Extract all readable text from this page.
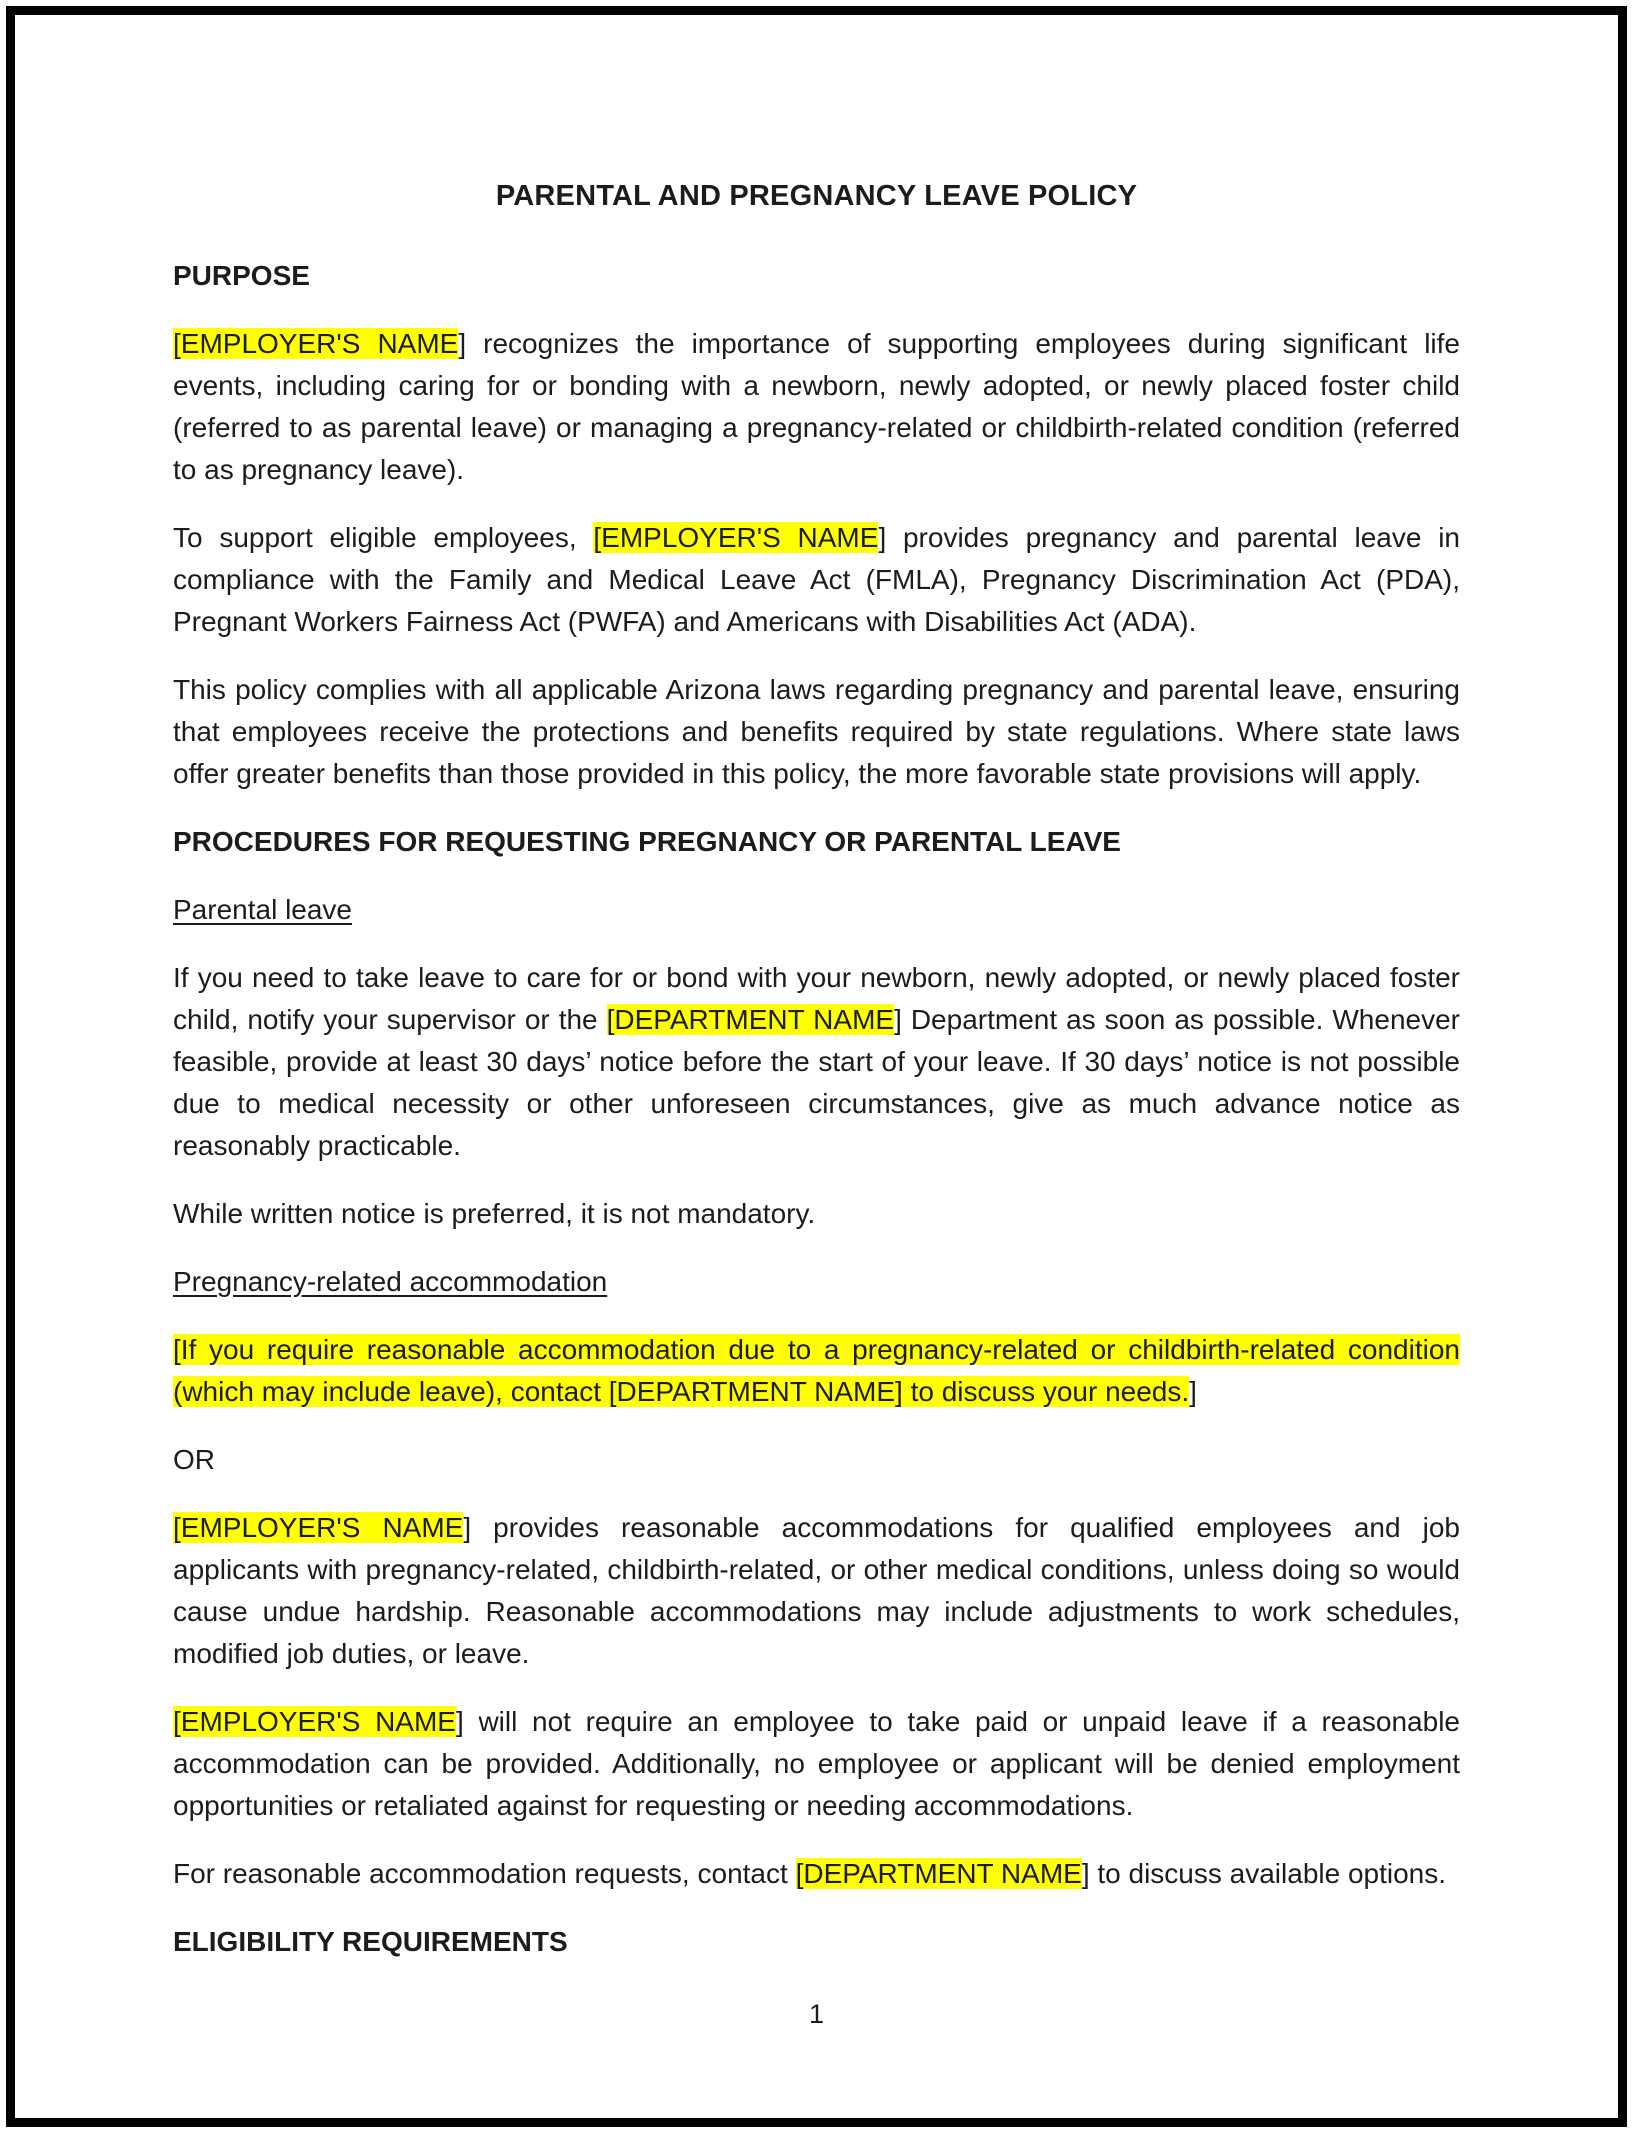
PARENTAL AND PREGNANCY LEAVE POLICY
PURPOSE

[EMPLOYER'S NAME] recognizes the importance of supporting employees during significant life events, including caring for or bonding with a newborn, newly adopted, or newly placed foster child (referred to as parental leave) or managing a pregnancy-related or childbirth-related condition (referred to as pregnancy leave).

To support eligible employees, [EMPLOYER'S NAME] provides pregnancy and parental leave in compliance with the Family and Medical Leave Act (FMLA), Pregnancy Discrimination Act (PDA), Pregnant Workers Fairness Act (PWFA) and Americans with Disabilities Act (ADA).

This policy complies with all applicable Arizona laws regarding pregnancy and parental leave, ensuring that employees receive the protections and benefits required by state regulations. Where state laws offer greater benefits than those provided in this policy, the more favorable state provisions will apply.

PROCEDURES FOR REQUESTING PREGNANCY OR PARENTAL LEAVE
Parental leave

If you need to take leave to care for or bond with your newborn, newly adopted, or newly placed foster child, notify your supervisor or the [DEPARTMENT NAME] Department as soon as possible. Whenever feasible, provide at least 30 days’ notice before the start of your leave. If 30 days’ notice is not possible due to medical necessity or other unforeseen circumstances, give as much advance notice as reasonably practicable.

While written notice is preferred, it is not mandatory.

Pregnancy-related accommodation

[If you require reasonable accommodation due to a pregnancy-related or childbirth-related condition (which may include leave), contact [DEPARTMENT NAME] to discuss your needs.]

OR

[EMPLOYER'S NAME] provides reasonable accommodations for qualified employees and job applicants with pregnancy-related, childbirth-related, or other medical conditions, unless doing so would cause undue hardship. Reasonable accommodations may include adjustments to work schedules, modified job duties, or leave.

[EMPLOYER'S NAME] will not require an employee to take paid or unpaid leave if a reasonable accommodation can be provided. Additionally, no employee or applicant will be denied employment opportunities or retaliated against for requesting or needing accommodations.

For reasonable accommodation requests, contact [DEPARTMENT NAME] to discuss available options.

ELIGIBILITY REQUIREMENTS
1
